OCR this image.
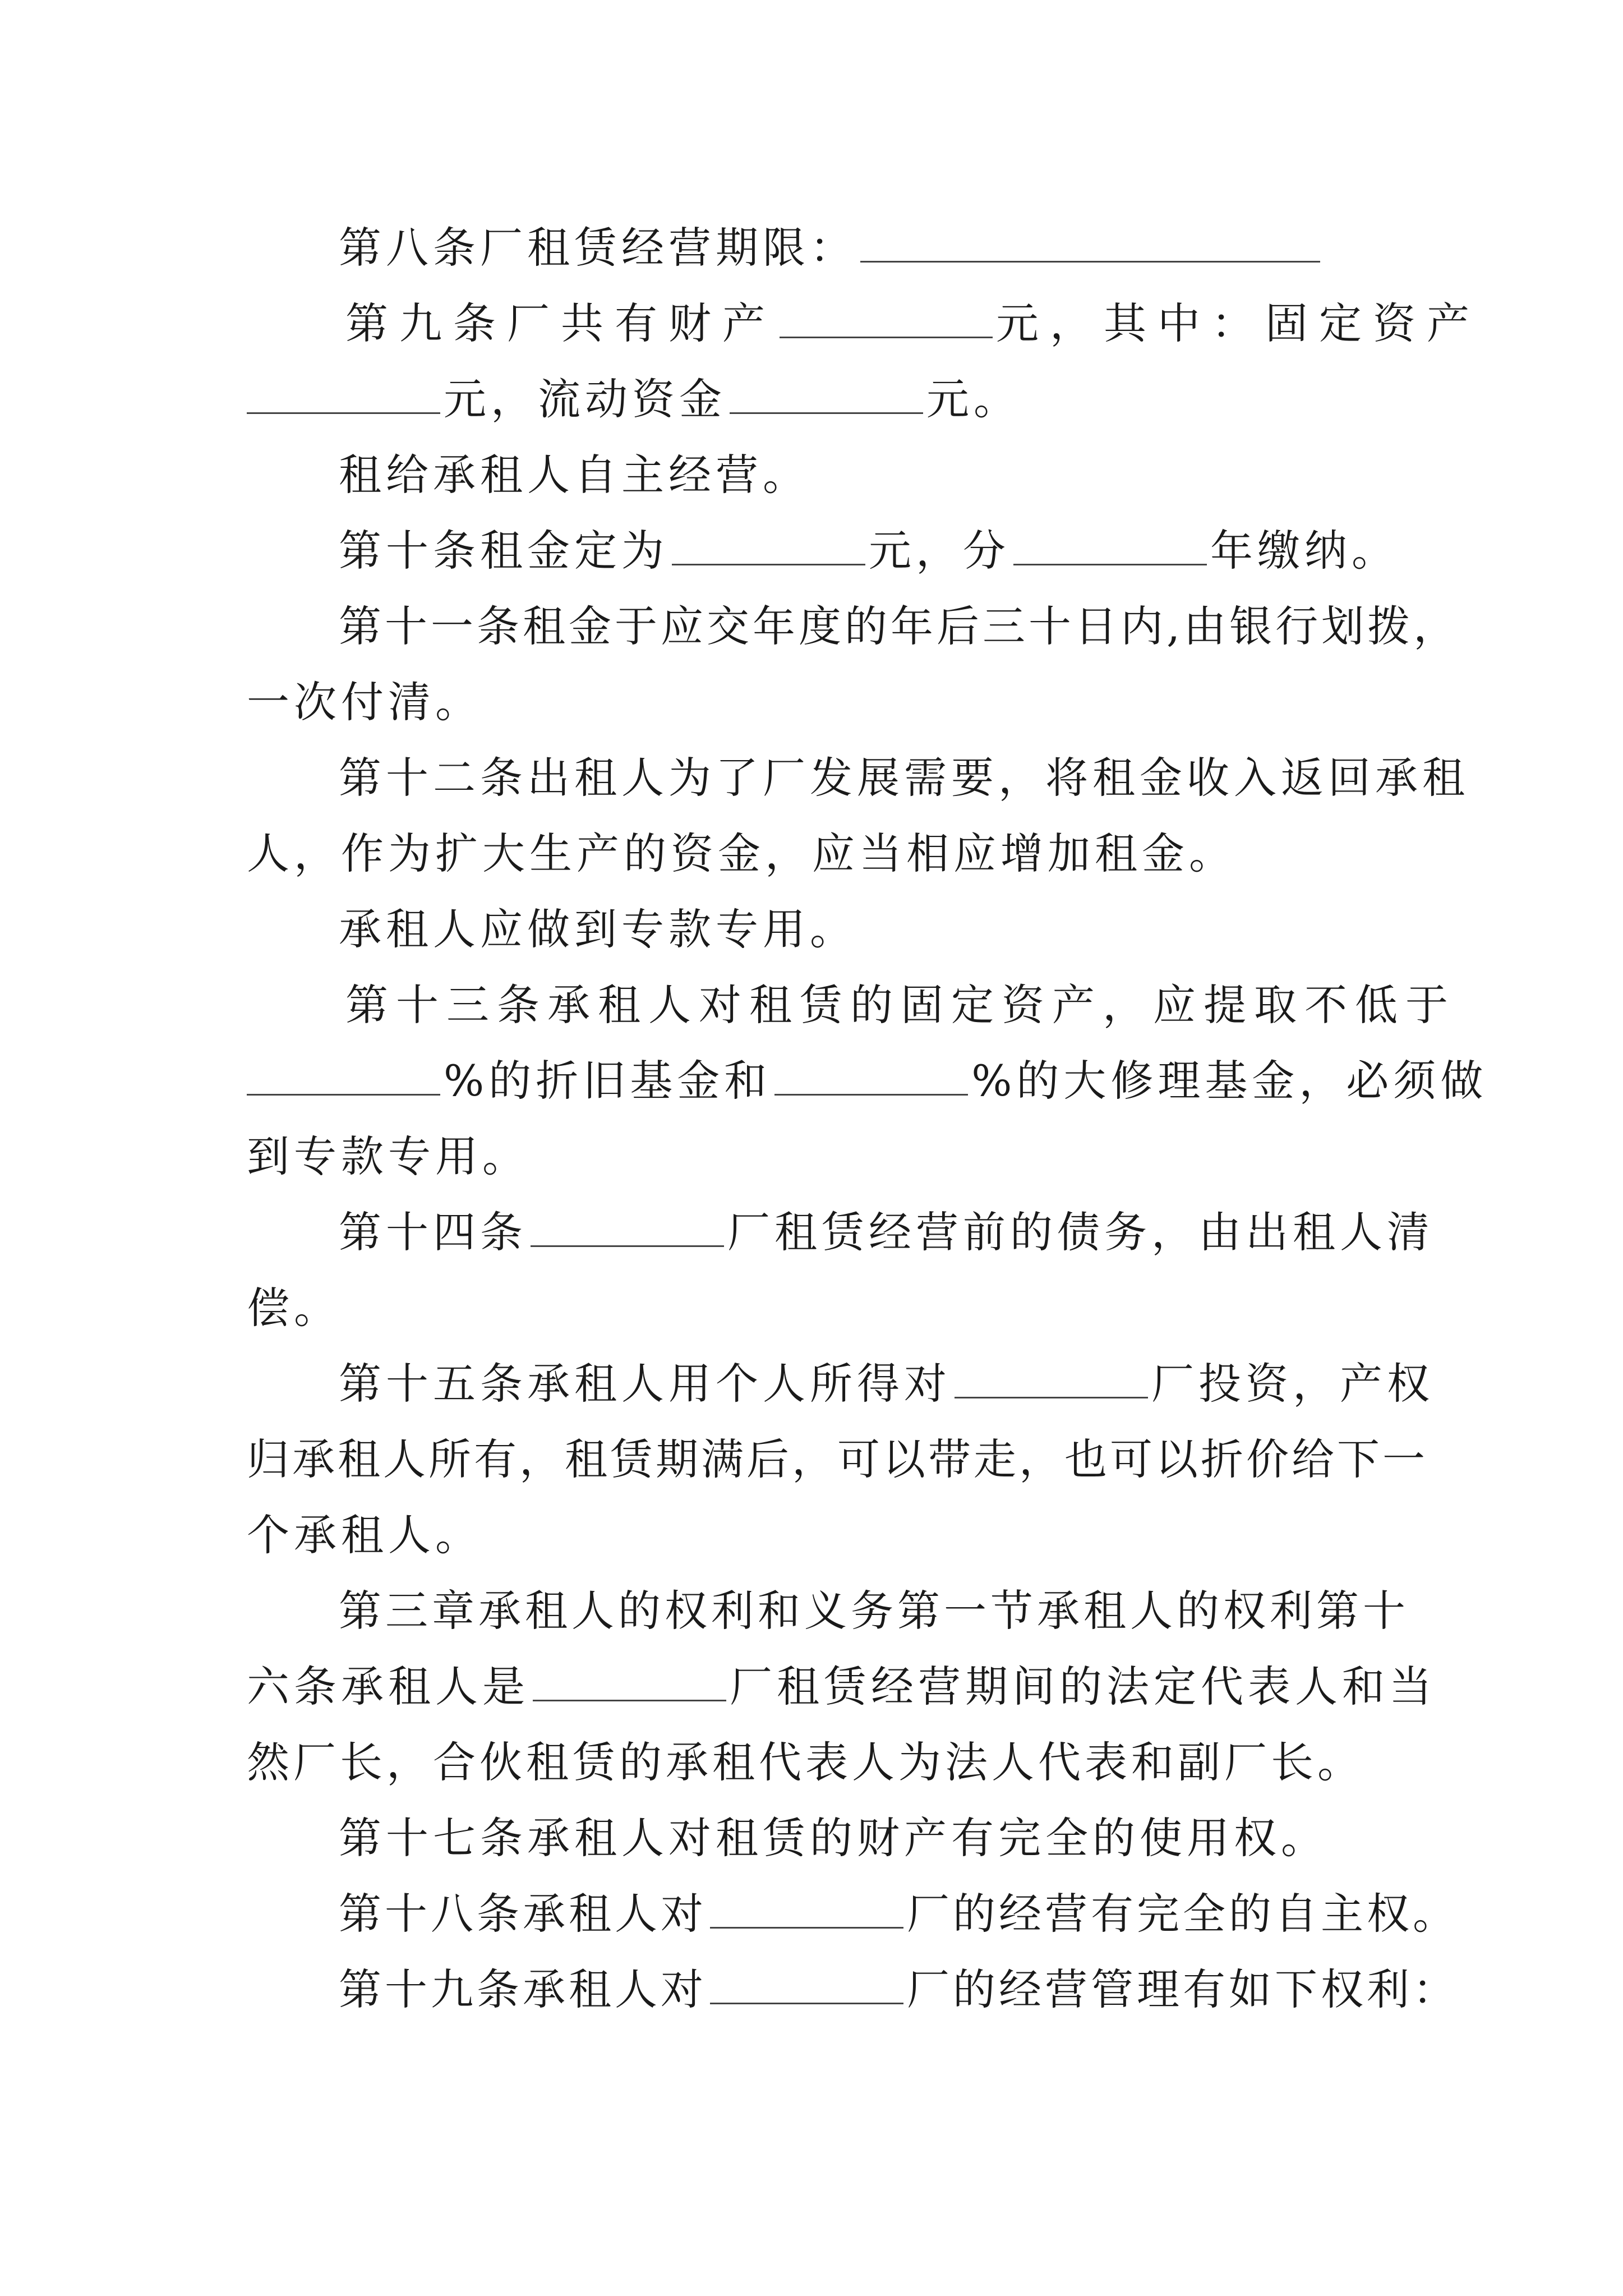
第八条厂租赁经营期限：
第九条厂共有财产	元，其中：固定资产
元，流动资金	元。
租给承租人自主经营。
第十条租金定为	元，分	年缴纳。
第十一条租金于应交年度的年后三十日内,由银行划拨，
一次付清。
第十二条出租人为了厂发展需要，将租金收入返回承租
人，作为扩大生产的资金，应当相应增加租金。
承租人应做到专款专用。
第十三条承租人对租赁的固定资产，应提取不低于
%的折旧基金和	%的大修理基金，必须做
到专款专用。
第十四条	厂租赁经营前的债务，由出租人清
偿。
第十五条承租人用个人所得对	厂投资，产权
归承租人所有，租赁期满后，可以带走，也可以折价给下一
个承租人。
第三章承租人的权利和义务第一节承租人的权利第十
六条承租人是	厂租赁经营期间的法定代表人和当
然厂长，合伙租赁的承租代表人为法人代表和副厂长。
第十七条承租人对租赁的财产有完全的使用权。
第十八条承租人对	厂的经营有完全的自主权。
第十九条承租人对	厂的经营管理有如下权利：
